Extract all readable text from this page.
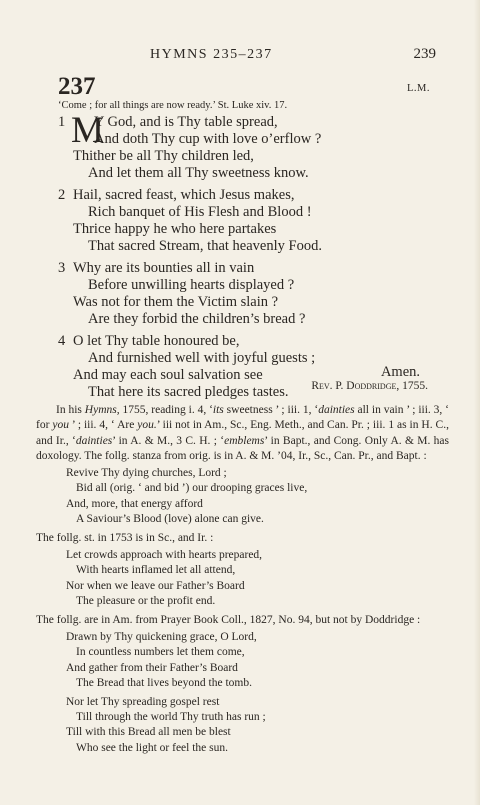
HYMNS 235–237	239
237	L.M.
‘Come ; for all things are now ready.’ St. Luke xiv. 17.
1 M
Y God, and is Thy table spread,
And doth Thy cup with love o’erflow ?
Thither be all Thy children led,
And let them all Thy sweetness know.
2 Hail, sacred feast, which Jesus makes,
Rich banquet of His Flesh and Blood !
Thrice happy he who here partakes
That sacred Stream, that heavenly Food.
3 Why are its bounties all in vain
Before unwilling hearts displayed ?
Was not for them the Victim slain ?
Are they forbid the children’s bread ?
4 O let Thy table honoured be,
And furnished well with joyful guests ;
And may each soul salvation see
That here its sacred pledges tastes.
Amen.
Rev. P. Doddridge, 1755.

In his Hymns, 1755, reading i. 4, ‘its sweetness ’ ; iii. 1, ‘dainties all in vain ’ ; iii. 3, ‘ for you ’ ; iii. 4, ‘ Are you.’ iii not in Am., Sc., Eng. Meth., and Can. Pr. ; iii. 1 as in H. C., and Ir., ‘dainties’ in A. & M., 3 C. H. ; ‘emblems’ in Bapt., and Cong. Only A. & M. has doxology. The follg. stanza from orig. is in A. & M. ’04, Ir., Sc., Can. Pr., and Bapt. :

Revive Thy dying churches, Lord ;
Bid all (orig. ‘ and bid ’) our drooping graces live,
And, more, that energy afford
A Saviour’s Blood (love) alone can give.

The follg. st. in 1753 is in Sc., and Ir. :

Let crowds approach with hearts prepared,
With hearts inflamed let all attend,
Nor when we leave our Father’s Board
The pleasure or the profit end.

The follg. are in Am. from Prayer Book Coll., 1827, No. 94, but not by Doddridge :

Drawn by Thy quickening grace, O Lord,
In countless numbers let them come,
And gather from their Father’s Board
The Bread that lives beyond the tomb.
Nor let Thy spreading gospel rest
Till through the world Thy truth has run ;
Till with this Bread all men be blest
Who see the light or feel the sun.
